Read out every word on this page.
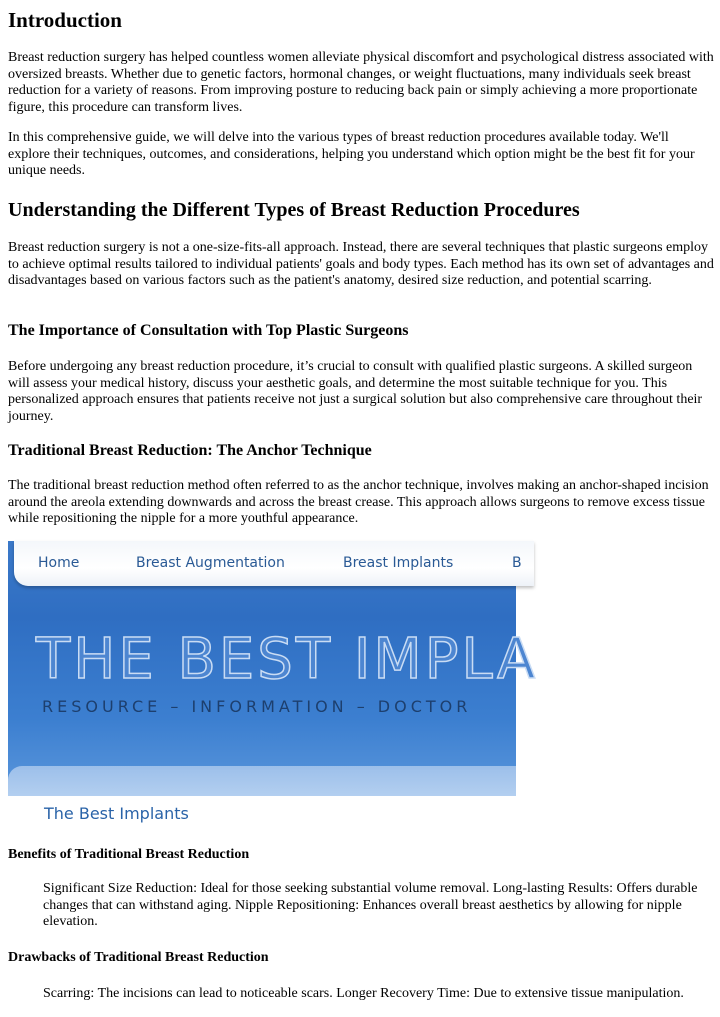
Introduction

Breast reduction surgery has helped countless women alleviate physical discomfort and psychological distress associated with oversized breasts. Whether due to genetic factors, hormonal changes, or weight fluctuations, many individuals seek breast reduction for a variety of reasons. From improving posture to reducing back pain or simply achieving a more proportionate figure, this procedure can transform lives.

In this comprehensive guide, we will delve into the various types of breast reduction procedures available today. We'll explore their techniques, outcomes, and considerations, helping you understand which option might be the best fit for your unique needs.

Understanding the Different Types of Breast Reduction Procedures

Breast reduction surgery is not a one-size-fits-all approach. Instead, there are several techniques that plastic surgeons employ to achieve optimal results tailored to individual patients' goals and body types. Each method has its own set of advantages and disadvantages based on various factors such as the patient's anatomy, desired size reduction, and potential scarring.

The Importance of Consultation with Top Plastic Surgeons

Before undergoing any breast reduction procedure, it’s crucial to consult with qualified plastic surgeons. A skilled surgeon will assess your medical history, discuss your aesthetic goals, and determine the most suitable technique for you. This personalized approach ensures that patients receive not just a surgical solution but also comprehensive care throughout their journey.

Traditional Breast Reduction: The Anchor Technique

The traditional breast reduction method often referred to as the anchor technique, involves making an anchor-shaped incision around the areola extending downwards and across the breast crease. This approach allows surgeons to remove excess tissue while repositioning the nipple for a more youthful appearance.

Home	Breast Augmentation	Breast Implants	B
THE BEST IMPLA
RESOURCE – INFORMATION – DOCTOR
The Best Implants
Benefits of Traditional Breast Reduction

Significant Size Reduction: Ideal for those seeking substantial volume removal. Long-lasting Results: Offers durable changes that can withstand aging. Nipple Repositioning: Enhances overall breast aesthetics by allowing for nipple elevation.

Drawbacks of Traditional Breast Reduction

Scarring: The incisions can lead to noticeable scars. Longer Recovery Time: Due to extensive tissue manipulation.
